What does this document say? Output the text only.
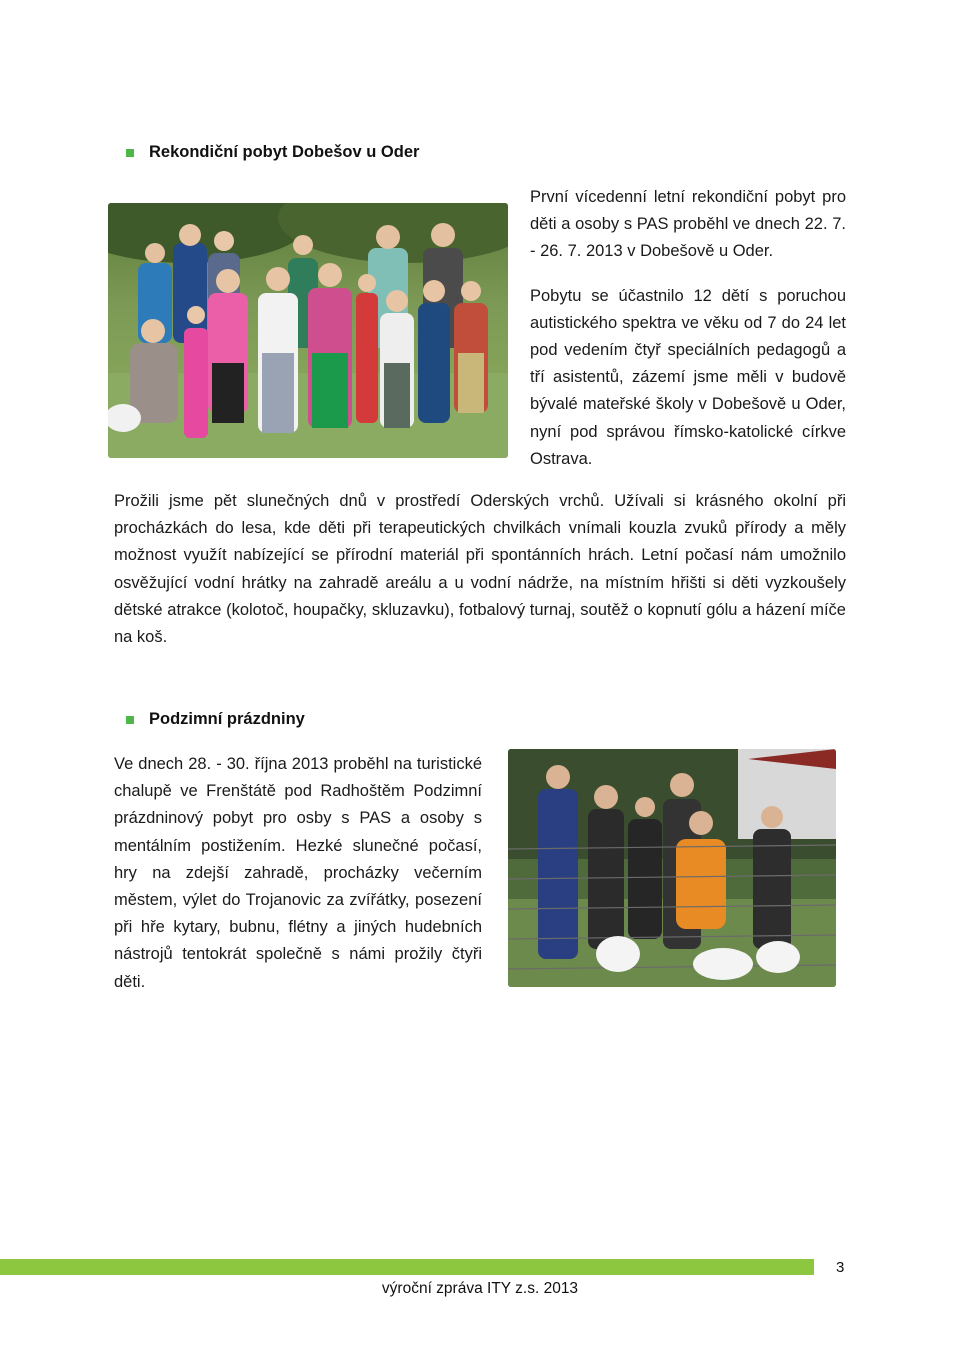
Rekondiční pobyt Dobešov u Oder

První vícedenní letní rekondiční pobyt pro děti a osoby s PAS proběhl ve dnech 22. 7. - 26. 7. 2013 v Dobešově u Oder.

Pobytu se účastnilo 12 dětí s poruchou autistického spektra ve věku od 7 do 24 let pod vedením čtyř speciálních pedagogů a tří asistentů, zázemí jsme měli v budově bývalé mateřské školy v Dobešově u Oder, nyní pod správou římsko-katolické církve Ostrava.

Prožili jsme pět slunečných dnů v prostředí Oderských vrchů. Užívali si krásného okolní při procházkách do lesa, kde děti při terapeutických chvilkách vnímali kouzla zvuků přírody a měly možnost využít nabízející se přírodní materiál při spontánních hrách. Letní počasí nám umožnilo osvěžující vodní hrátky na zahradě areálu a u vodní nádrže, na místním hřišti si děti vyzkoušely dětské atrakce (kolotoč, houpačky, skluzavku), fotbalový turnaj, soutěž o kopnutí gólu a házení míče na koš.

Podzimní prázdniny

Ve dnech 28. - 30. října 2013 proběhl na turistické chalupě ve Frenštátě pod Radhoštěm Podzimní prázdninový pobyt pro osby s PAS a osoby s mentálním postižením. Hezké slunečné počasí, hry na zdejší zahradě, procházky večerním městem, výlet do Trojanovic za zvířátky, posezení při hře kytary, bubnu, flétny a jiných hudebních nástrojů tentokrát společně s námi prožily čtyři děti.

3
výroční zpráva ITY z.s. 2013
